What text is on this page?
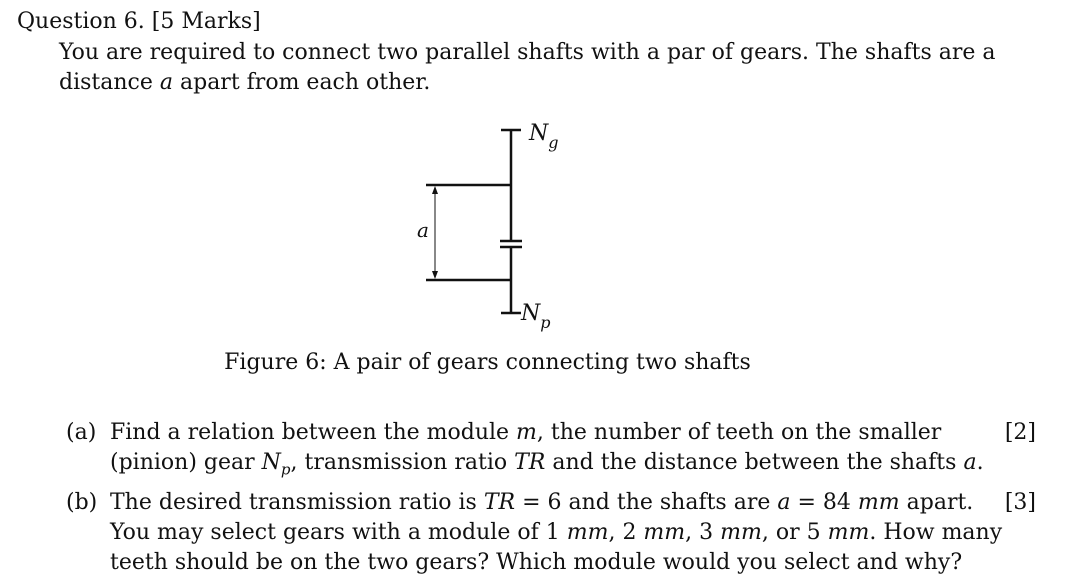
Question 6. [5 Marks]
You are required to connect two parallel shafts with a par of gears. The shafts are a
distance a apart from each other.
a
$N_g$
$N_p$
Figure 6: A pair of gears connecting two shafts
(a) Find a relation between the module m, the number of teeth on the smaller
(pinion) gear $N_p$, transmission ratio TR and the distance between the shafts a.
[2]
(b) The desired transmission ratio is TR = 6 and the shafts are a = 84 mm apart.
You may select gears with a module of 1 mm, 2 mm, 3 mm, or 5 mm. How many
teeth should be on the two gears? Which module would you select and why?
[3]
